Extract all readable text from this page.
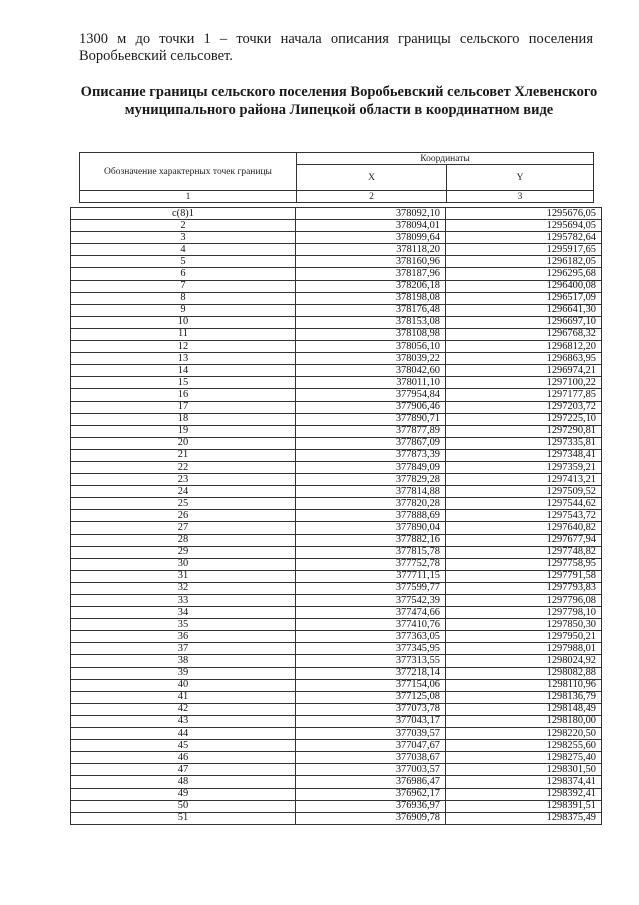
1300 м до точки 1 – точки начала описания границы сельского поселения Воробьевский сельсовет.
Описание границы сельского поселения Воробьевский сельсовет Хлевенского муниципального района Липецкой области в координатном виде
Обозначение характерных точек границы	Координаты	
	X	Y
1	2	3
с(8)1	378092,10	1295676,05
2	378094,01	1295694,05
3	378099,64	1295782,64
4	378118,20	1295917,65
5	378160,96	1296182,05
6	378187,96	1296295,68
7	378206,18	1296400,08
8	378198,08	1296517,09
9	378176,48	1296641,30
10	378153,08	1296697,10
11	378108,98	1296768,32
12	378056,10	1296812,20
13	378039,22	1296863,95
14	378042,60	1296974,21
15	378011,10	1297100,22
16	377954,84	1297177,85
17	377906,46	1297203,72
18	377890,71	1297225,10
19	377877,89	1297290,81
20	377867,09	1297335,81
21	377873,39	1297348,41
22	377849,09	1297359,21
23	377829,28	1297413,21
24	377814,88	1297509,52
25	377820,28	1297544,62
26	377888,69	1297543,72
27	377890,04	1297640,82
28	377882,16	1297677,94
29	377815,78	1297748,82
30	377752,78	1297758,95
31	377711,15	1297791,58
32	377599,77	1297793,83
33	377542,39	1297796,08
34	377474,66	1297798,10
35	377410,76	1297850,30
36	377363,05	1297950,21
37	377345,95	1297988,01
38	377313,55	1298024,92
39	377218,14	1298082,88
40	377154,06	1298110,96
41	377125,08	1298136,79
42	377073,78	1298148,49
43	377043,17	1298180,00
44	377039,57	1298220,50
45	377047,67	1298255,60
46	377038,67	1298275,40
47	377003,57	1298301,50
48	376986,47	1298374,41
49	376962,17	1298392,41
50	376936,97	1298391,51
51	376909,78	1298375,49
